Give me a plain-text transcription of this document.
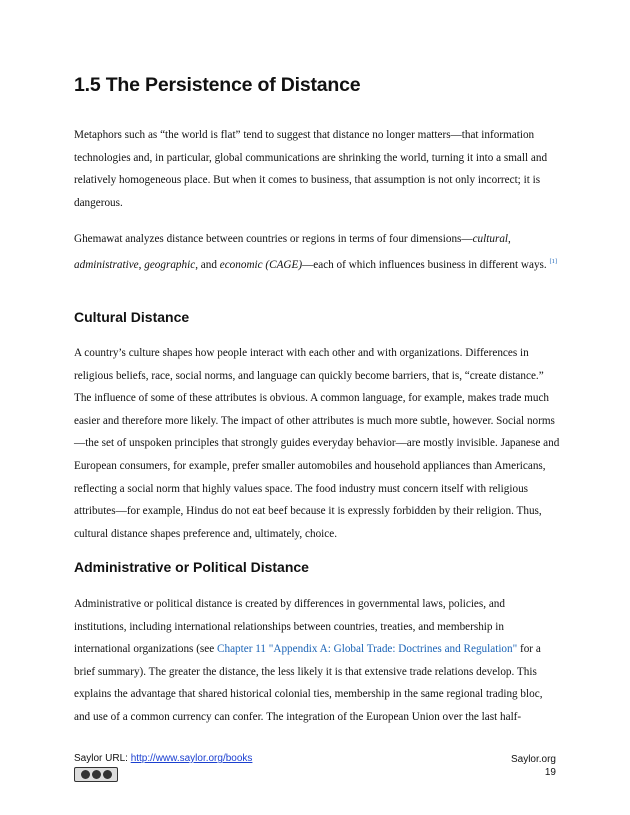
1.5 The Persistence of Distance

Metaphors such as “the world is flat” tend to suggest that distance no longer matters—that information technologies and, in particular, global communications are shrinking the world, turning it into a small and relatively homogeneous place. But when it comes to business, that assumption is not only incorrect; it is dangerous.

Ghemawat analyzes distance between countries or regions in terms of four dimensions—cultural, administrative, geographic, and economic (CAGE)—each of which influences business in different ways. [1]

Cultural Distance

A country’s culture shapes how people interact with each other and with organizations. Differences in religious beliefs, race, social norms, and language can quickly become barriers, that is, “create distance.” The influence of some of these attributes is obvious. A common language, for example, makes trade much easier and therefore more likely. The impact of other attributes is much more subtle, however. Social norms—the set of unspoken principles that strongly guides everyday behavior—are mostly invisible. Japanese and European consumers, for example, prefer smaller automobiles and household appliances than Americans, reflecting a social norm that highly values space. The food industry must concern itself with religious attributes—for example, Hindus do not eat beef because it is expressly forbidden by their religion. Thus, cultural distance shapes preference and, ultimately, choice.

Administrative or Political Distance

Administrative or political distance is created by differences in governmental laws, policies, and institutions, including international relationships between countries, treaties, and membership in international organizations (see Chapter 11 "Appendix A: Global Trade: Doctrines and Regulation" for a brief summary). The greater the distance, the less likely it is that extensive trade relations develop. This explains the advantage that shared historical colonial ties, membership in the same regional trading bloc, and use of a common currency can confer. The integration of the European Union over the last half-

Saylor URL: http://www.saylor.org/books	Saylor.org
19
